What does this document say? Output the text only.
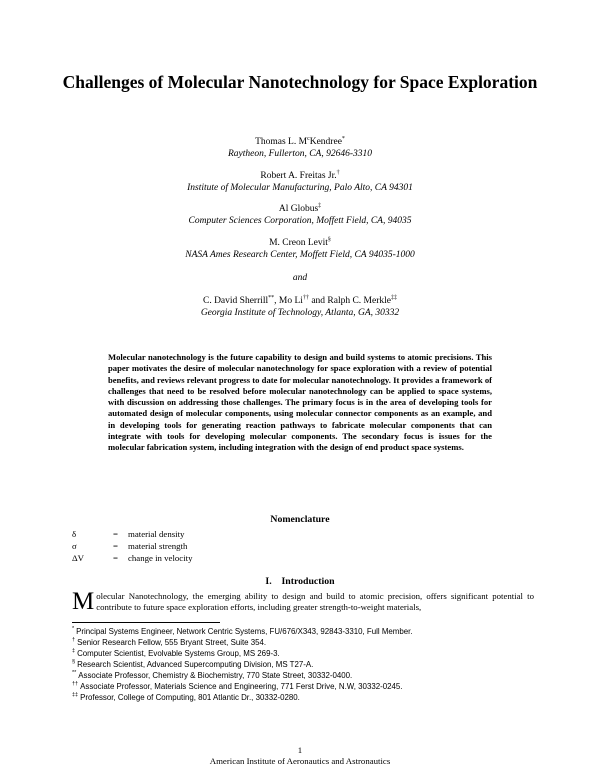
Challenges of Molecular Nanotechnology for Space Exploration
Thomas L. $M^cKendree^*$
Raytheon, Fullerton, CA, 92646-3310
Robert A. Freitas Jr.†
Institute of Molecular Manufacturing, Palo Alto, CA 94301
Al Globus‡
Computer Sciences Corporation, Moffett Field, CA, 94035
M. Creon Levit§
NASA Ames Research Center, Moffett Field, CA 94035-1000
and
C. David Sherrill**, Mo Li†† and Ralph C. Merkle‡‡
Georgia Institute of Technology, Atlanta, GA, 30332
Molecular nanotechnology is the future capability to design and build systems to atomic precisions. This paper motivates the desire of molecular nanotechnology for space exploration with a review of potential benefits, and reviews relevant progress to date for molecular nanotechnology. It provides a framework of challenges that need to be resolved before molecular nanotechnology can be applied to space systems, with discussion on addressing those challenges. The primary focus is in the area of developing tools for automated design of molecular components, using molecular connector components as an example, and in developing tools for generating reaction pathways to fabricate molecular components that can integrate with tools for developing molecular components. The secondary focus is issues for the molecular fabrication system, including integration with the design of end product space systems.
Nomenclature
δ	= material density
σ	= material strength
ΔV	= change in velocity
I. Introduction
Molecular Nanotechnology, the emerging ability to design and build to atomic precision, offers significant potential to contribute to future space exploration efforts, including greater strength-to-weight materials,
* Principal Systems Engineer, Network Centric Systems, FU/676/X343, 92843-3310, Full Member.
† Senior Research Fellow, 555 Bryant Street, Suite 354.
‡ Computer Scientist, Evolvable Systems Group, MS 269-3.
§ Research Scientist, Advanced Supercomputing Division, MS T27-A.
** Associate Professor, Chemistry & Biochemistry, 770 State Street, 30332-0400.
†† Associate Professor, Materials Science and Engineering, 771 Ferst Drive, N.W, 30332-0245.
‡‡ Professor, College of Computing, 801 Atlantic Dr., 30332-0280.
1
American Institute of Aeronautics and Astronautics
